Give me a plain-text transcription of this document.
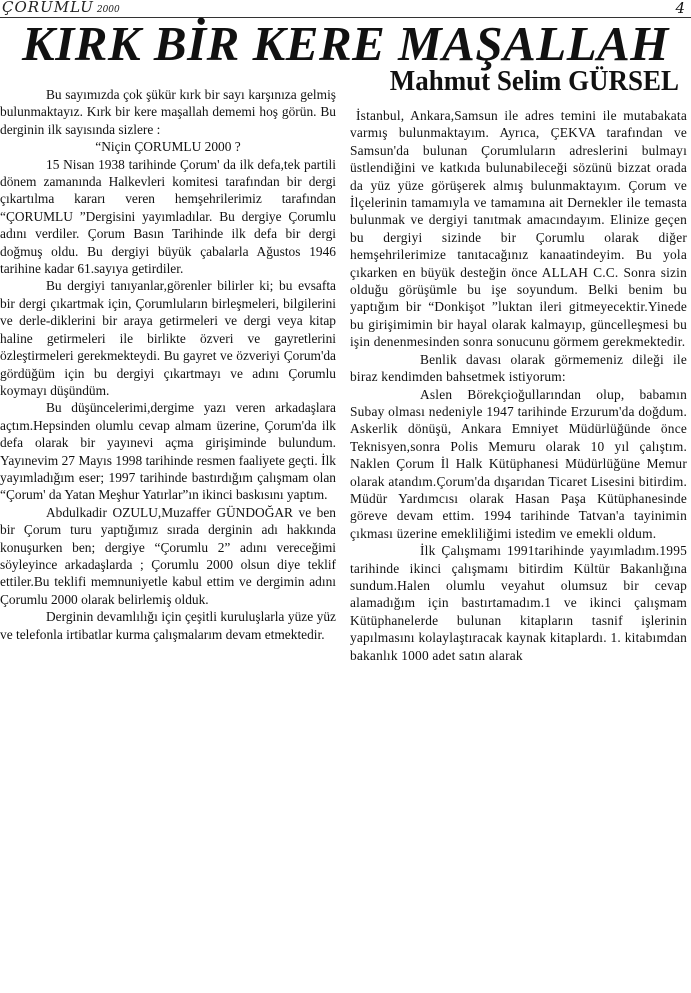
ÇORUMLU 2000	4
KIRK BİR KERE MAŞALLAH
Mahmut Selim GÜRSEL

Bu sayımızda çok şükür kırk bir sayı karşınıza gelmiş bulunmaktayız. Kırk bir kere maşallah dememi hoş görün. Bu derginin ilk sayısında sizlere :

“Niçin ÇORUMLU 2000 ?

15 Nisan 1938 tarihinde Çorum' da ilk defa,tek partili dönem zamanında Halkevleri komitesi tarafından bir dergi çıkartılma kararı veren hemşehrilerimiz tarafından “ÇORUMLU ”Dergisini yayımladılar. Bu dergiye Çorumlu adını verdiler. Çorum Basın Tarihinde ilk defa bir dergi doğmuş oldu. Bu dergiyi büyük çabalarla Ağustos 1946 tarihine kadar 61.sayıya getirdiler.

Bu dergiyi tanıyanlar,görenler bilirler ki; bu evsafta bir dergi çıkartmak için, Çorumluların birleşmeleri, bilgilerini ve derle-diklerini bir araya getirmeleri ve dergi veya kitap haline getirmeleri ile birlikte özveri ve gayretlerini özleştirmeleri gerekmekteydi. Bu gayret ve özveriyi Çorum'da gördüğüm için bu dergiyi çıkartmayı ve adını Çorumlu koymayı düşündüm.

Bu düşüncelerimi,dergime yazı veren arkadaşlara açtım.Hepsinden olumlu cevap almam üzerine, Çorum'da ilk defa olarak bir yayınevi açma girişiminde bulundum. Yayınevim 27 Mayıs 1998 tarihinde resmen faaliyete geçti. İlk yayımladığım eser; 1997 tarihinde bastırdığım çalışmam olan “Çorum' da Yatan Meşhur Yatırlar”ın ikinci baskısını yaptım.

Abdulkadir OZULU,Muzaffer GÜNDOĞAR ve ben bir Çorum turu yaptığımız sırada derginin adı hakkında konuşurken ben; dergiye “Çorumlu 2” adını vereceğimi söyleyince arkadaşlarda ; Çorumlu 2000 olsun diye teklif ettiler.Bu teklifi memnuniyetle kabul ettim ve dergimin adını Çorumlu 2000 olarak belirlemiş olduk.

Derginin devamlılığı için çeşitli kuruluşlarla yüze yüz ve telefonla irtibatlar kurma çalışmalarım devam etmektedir.

İstanbul, Ankara,Samsun ile adres temini ile mutabakata varmış bulunmaktayım. Ayrıca, ÇEKVA tarafından ve Samsun'da bulunan Çorumluların adreslerini bulmayı üstlendiğini ve katkıda bulunabileceği sözünü bizzat orada da yüz yüze görüşerek almış bulunmaktayım. Çorum ve İlçelerinin tamamıyla ve tamamına ait Dernekler ile temasta bulunmak ve dergiyi tanıtmak amacındayım. Elinize geçen bu dergiyi sizinde bir Çorumlu olarak diğer hemşehrilerimize tanıtacağınız kanaatindeyim. Bu yola çıkarken en büyük desteğin önce ALLAH C.C. Sonra sizin olduğu görüşümle bu işe soyundum. Belki benim bu yaptığım bir “Donkişot ”luktan ileri gitmeyecektir.Yinede bu girişimimin bir hayal olarak kalmayıp, güncelleşmesi bu işin denenmesinden sonra sonucunu görmem gerekmektedir.

Benlik davası olarak görmemeniz dileği ile biraz kendimden bahsetmek istiyorum:

Aslen Börekçioğullarından olup, babamın Subay olması nedeniyle 1947 tarihinde Erzurum'da doğdum. Askerlik dönüşü, Ankara Emniyet Müdürlüğünde önce Teknisyen,sonra Polis Memuru olarak 10 yıl çalıştım. Naklen Çorum İl Halk Kütüphanesi Müdürlüğüne Memur olarak atandım.Çorum'da dışarıdan Ticaret Lisesini bitirdim. Müdür Yardımcısı olarak Hasan Paşa Kütüphanesinde göreve devam ettim. 1994 tarihinde Tatvan'a tayinimin çıkması üzerine emekliliğimi istedim ve emekli oldum.

İlk Çalışmamı 1991tarihinde yayımladım.1995 tarihinde ikinci çalışmamı bitirdim Kültür Bakanlığına sundum.Halen olumlu veyahut olumsuz bir cevap alamadığım için bastırtamadım.1 ve ikinci çalışmam Kütüphanelerde bulunan kitapların tasnif işlerinin yapılmasını kolaylaştıracak kaynak kitaplardı. 1. kitabımdan bakanlık 1000 adet satın alarak
